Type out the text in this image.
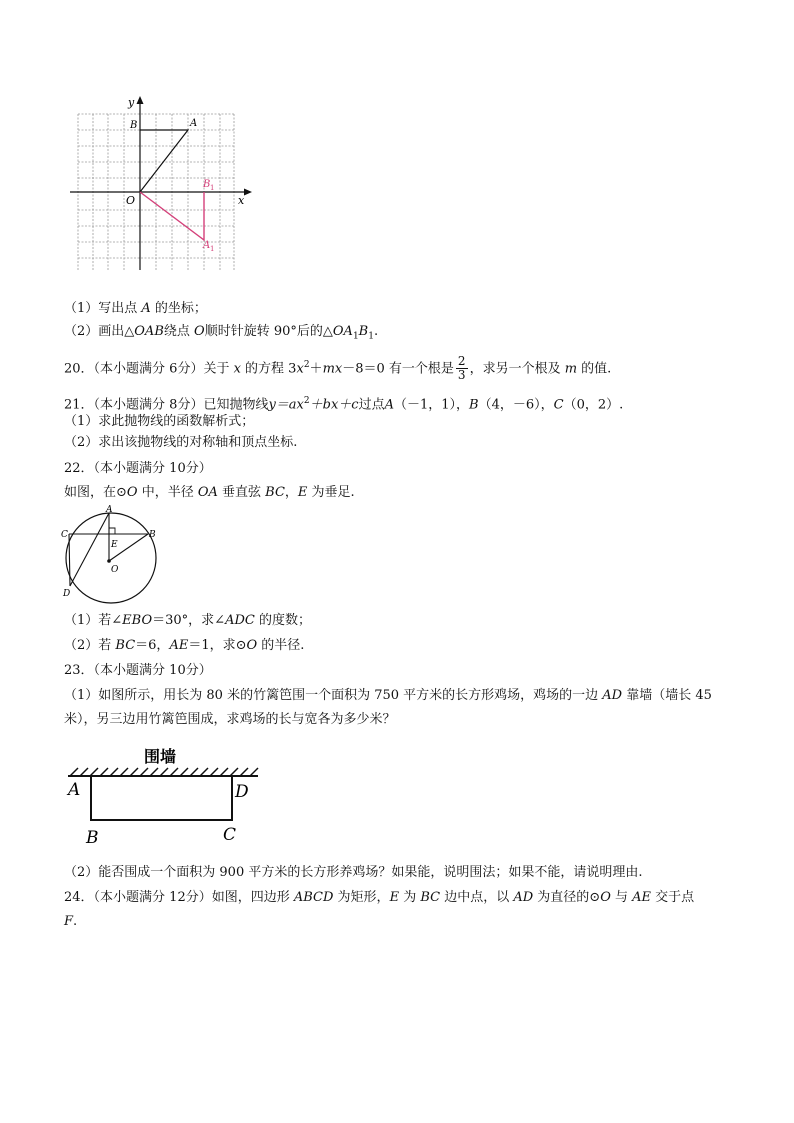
y
x
O
A
B
B 1
A 1
（1）写出点 A 的坐标；
（2）画出△OAB绕点 O顺时针旋转 90°后的$\triangle OA_1B_1$.
20．（本小题满分 6分）关于 x 的方程 $3x^2+mx-8=0$ 有一个根是 $\frac{2}{3}$ ，求另一个根及 m 的值.
21．（本小题满分 8分）已知抛物线$y=ax^2+bx+c$过点A（－1，1），B（4，－6），C（0，2）.
（1）求此抛物线的函数解析式；
（2）求出该抛物线的对称轴和顶点坐标.
22．（本小题满分 10分）
如图，在⊙O 中，半径 OA 垂直弦 BC，E 为垂足.
A
B
C
D
E
O
（1）若∠EBO＝30°，求∠ADC 的度数；
（2）若 BC＝6，AE＝1，求⊙O 的半径.
23．（本小题满分 10分）
（1）如图所示，用长为 80 米的竹篱笆围一个面积为 750 平方米的长方形鸡场，鸡场的一边 AD 靠墙（墙长 45
米），另三边用竹篱笆围成，求鸡场的长与宽各为多少米？
围墙
A	D
B	C
（2）能否围成一个面积为 900 平方米的长方形养鸡场？如果能，说明围法；如果不能，请说明理由.
24．（本小题满分 12分）如图，四边形 ABCD 为矩形，E 为 BC 边中点，以 AD 为直径的⊙O 与 AE 交于点
F.
